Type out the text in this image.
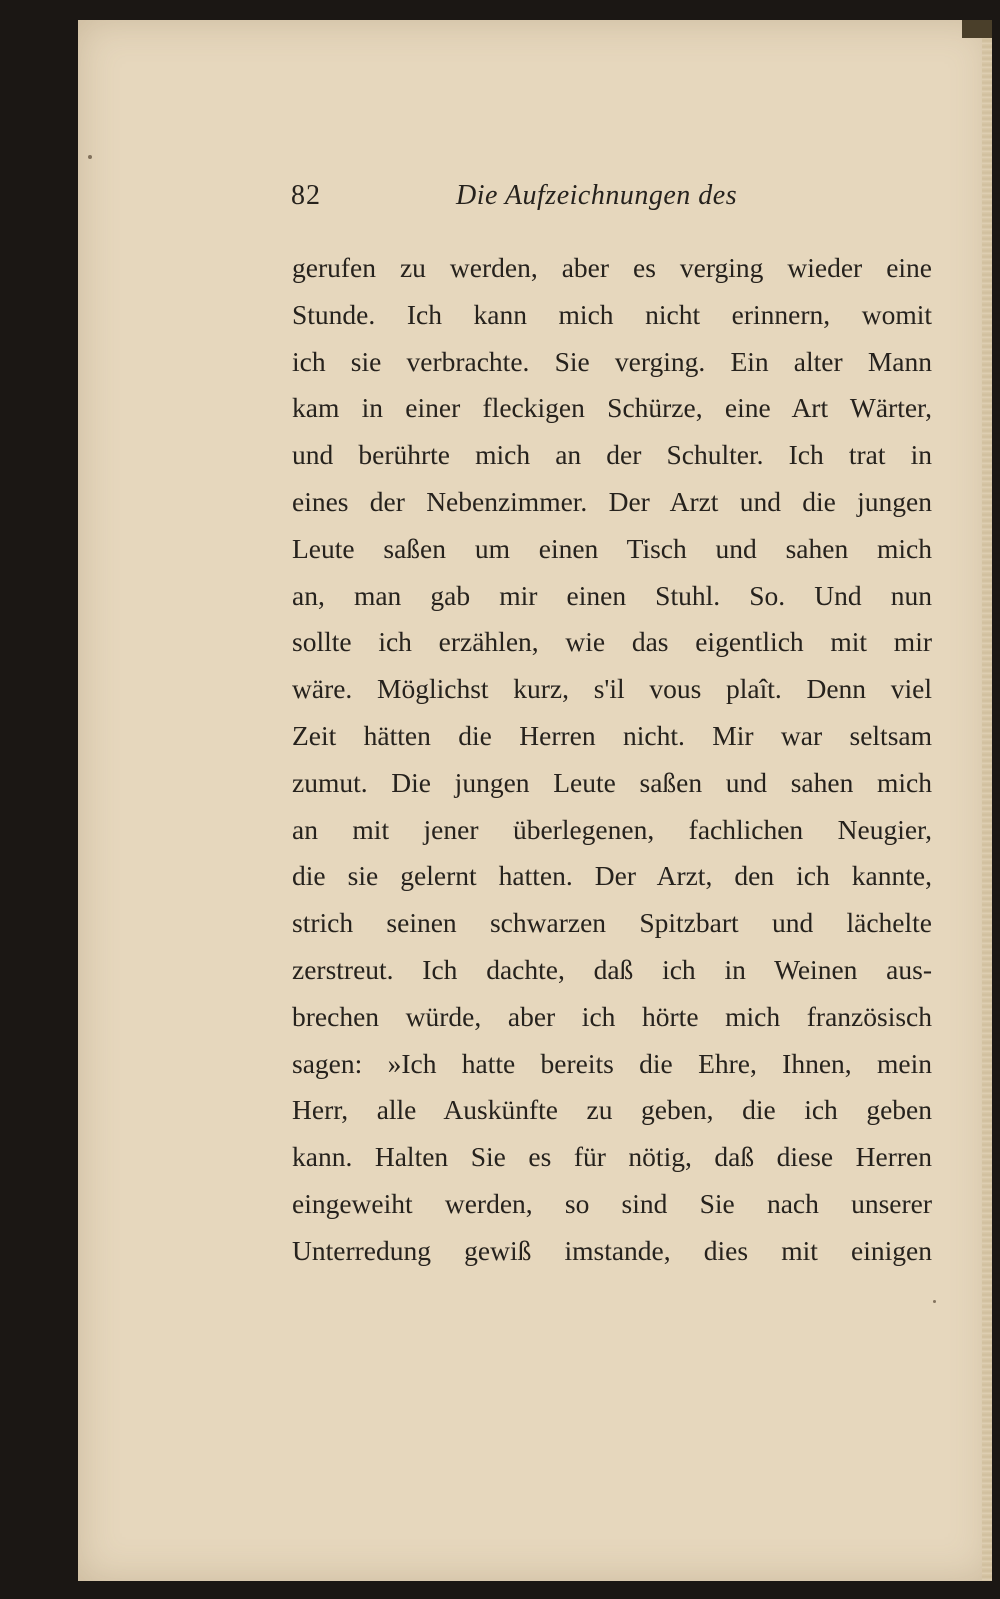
82	Die Aufzeichnungen des
gerufen zu werden, aber es verging wieder eine
Stunde. Ich kann mich nicht erinnern, womit
ich sie verbrachte. Sie verging. Ein alter Mann
kam in einer fleckigen Schürze, eine Art Wärter,
und berührte mich an der Schulter. Ich trat in
eines der Nebenzimmer. Der Arzt und die jungen
Leute saßen um einen Tisch und sahen mich
an, man gab mir einen Stuhl. So. Und nun
sollte ich erzählen, wie das eigentlich mit mir
wäre. Möglichst kurz, s'il vous plaît. Denn viel
Zeit hätten die Herren nicht. Mir war seltsam
zumut. Die jungen Leute saßen und sahen mich
an mit jener überlegenen, fachlichen Neugier,
die sie gelernt hatten. Der Arzt, den ich kannte,
strich seinen schwarzen Spitzbart und lächelte
zerstreut. Ich dachte, daß ich in Weinen aus-
brechen würde, aber ich hörte mich französisch
sagen: »Ich hatte bereits die Ehre, Ihnen, mein
Herr, alle Auskünfte zu geben, die ich geben
kann. Halten Sie es für nötig, daß diese Herren
eingeweiht werden, so sind Sie nach unserer
Unterredung gewiß imstande, dies mit einigen
